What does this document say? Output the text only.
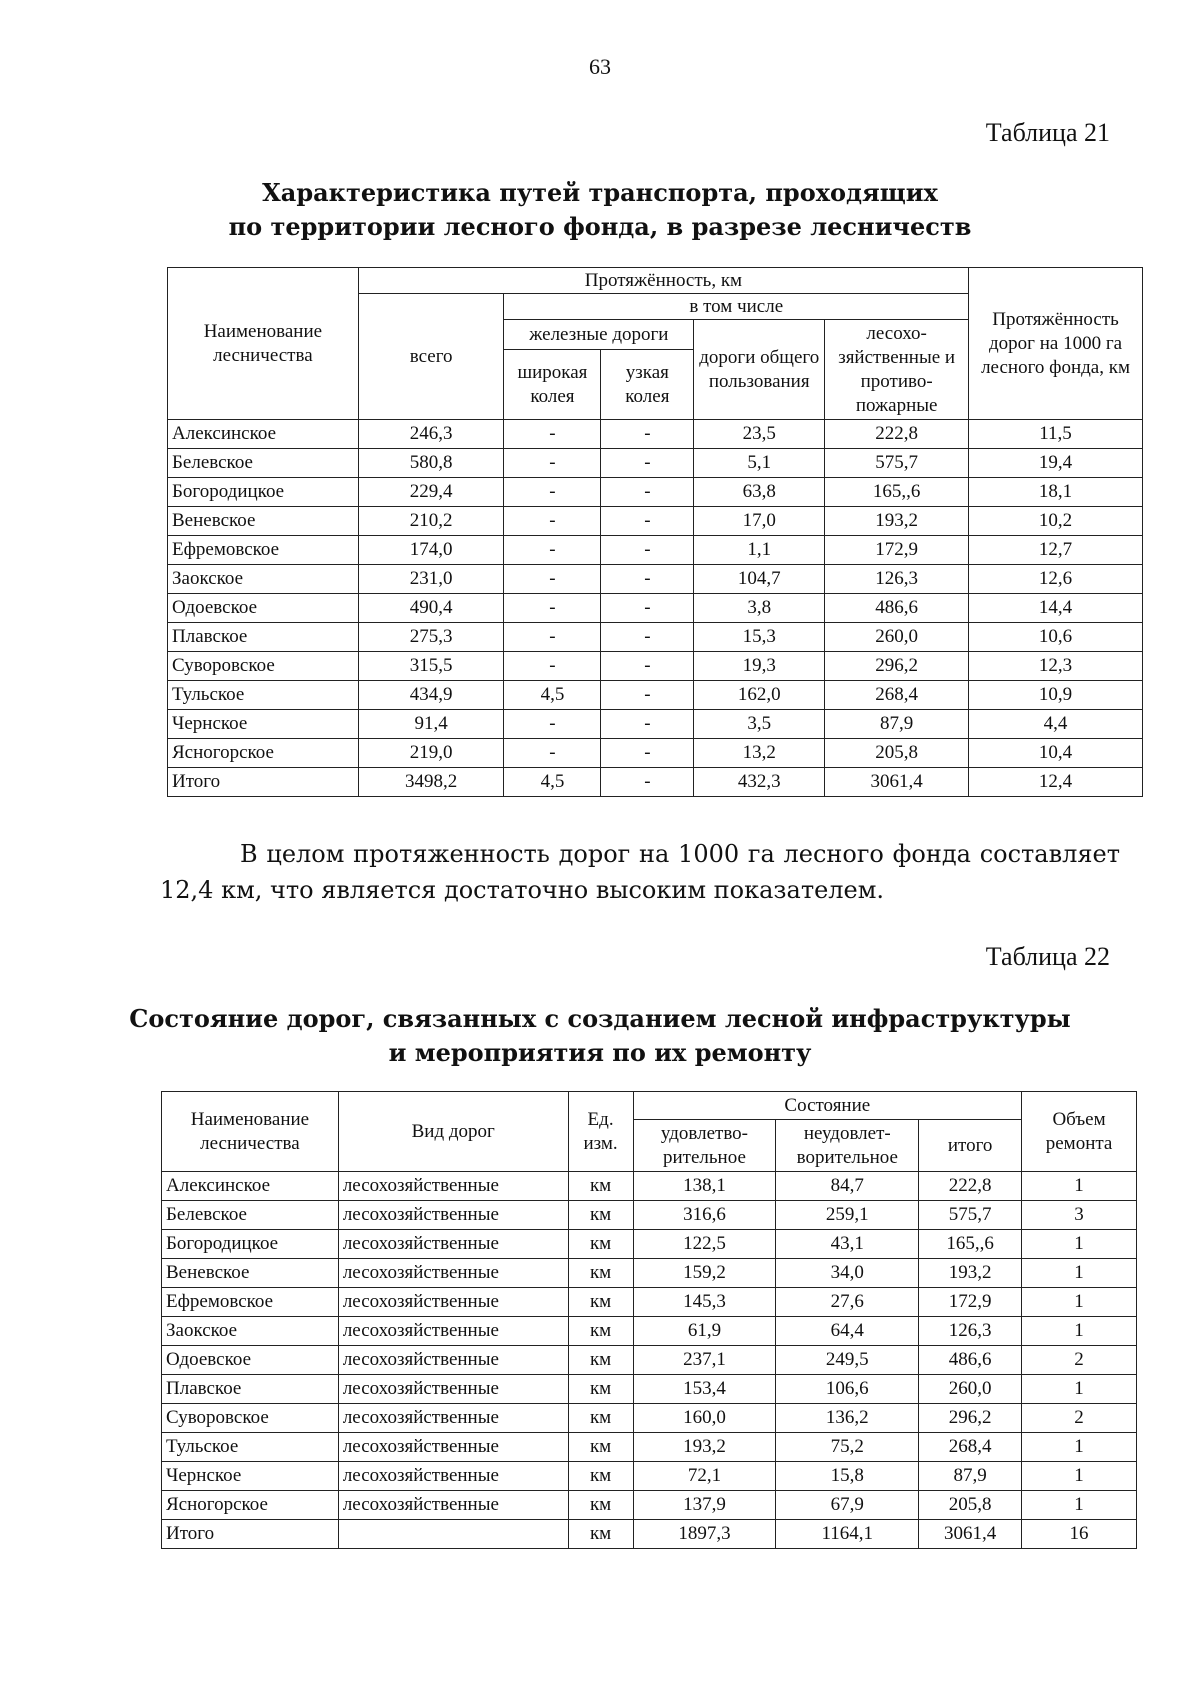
63
Таблица 21
Характеристика путей транспорта, проходящих
по территории лесного фонда, в разрезе лесничеств
Наименование лесничества	Протяжённость, км					Протяжённость дорог на 1000 га лесного фонда, км
	всего	в том числе				
		железные дороги		дороги общего пользования	лесохо-зяйственные и противо-пожарные	
		широкая колея	узкая колея			
Алексинское	246,3	-	-	23,5	222,8	11,5
Белевское	580,8	-	-	5,1	575,7	19,4
Богородицкое	229,4	-	-	63,8	165,,6	18,1
Веневское	210,2	-	-	17,0	193,2	10,2
Ефремовское	174,0	-	-	1,1	172,9	12,7
Заокское	231,0	-	-	104,7	126,3	12,6
Одоевское	490,4	-	-	3,8	486,6	14,4
Плавское	275,3	-	-	15,3	260,0	10,6
Суворовское	315,5	-	-	19,3	296,2	12,3
Тульское	434,9	4,5	-	162,0	268,4	10,9
Чернское	91,4	-	-	3,5	87,9	4,4
Ясногорское	219,0	-	-	13,2	205,8	10,4
Итого	3498,2	4,5	-	432,3	3061,4	12,4
В целом протяженность дорог на 1000 га лесного фонда составляет 12,4 км, что является достаточно высоким показателем.
Таблица 22
Состояние дорог, связанных с созданием лесной инфраструктуры
и мероприятия по их ремонту
Наименование лесничества	Вид дорог	Ед. изм.	Состояние			Объем ремонта
			удовлетво-рительное	неудовлет-ворительное	итого	
Алексинское	лесохозяйственные	км	138,1	84,7	222,8	1
Белевское	лесохозяйственные	км	316,6	259,1	575,7	3
Богородицкое	лесохозяйственные	км	122,5	43,1	165,,6	1
Веневское	лесохозяйственные	км	159,2	34,0	193,2	1
Ефремовское	лесохозяйственные	км	145,3	27,6	172,9	1
Заокское	лесохозяйственные	км	61,9	64,4	126,3	1
Одоевское	лесохозяйственные	км	237,1	249,5	486,6	2
Плавское	лесохозяйственные	км	153,4	106,6	260,0	1
Суворовское	лесохозяйственные	км	160,0	136,2	296,2	2
Тульское	лесохозяйственные	км	193,2	75,2	268,4	1
Чернское	лесохозяйственные	км	72,1	15,8	87,9	1
Ясногорское	лесохозяйственные	км	137,9	67,9	205,8	1
Итого		км	1897,3	1164,1	3061,4	16
